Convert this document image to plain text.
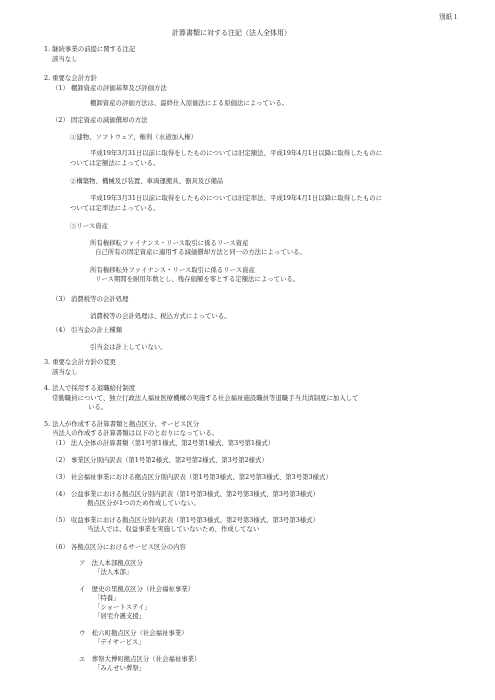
別紙１
計算書類に対する注記（法人全体用）
1. 継続事業の前提に関する注記
該当なし
2. 重要な会計方針
（1） 棚卸資産の評価基準及び評価方法
棚卸資産の評価方法は、最終仕入原価法による原価法によっている。
（2） 固定資産の減価償却の方法
①建物、ソフトウェア、権利（水道加入権）
平成19年3月31日以前に取得をしたものについては旧定額法、平成19年4月1日以降に取得したものに
ついては定額法によっている。
②構築物、機械及び装置、車両運搬具、器具及び備品
平成19年3月31日以前に取得をしたものについては旧定率法、平成19年4月1日以降に取得したものに
ついては定率法によっている。
③リース資産
所有権移転ファイナンス・リース取引に係るリース資産
自己所有の固定資産に適用する減価償却方法と同一の方法によっている。
所有権移転外ファイナンス・リース取引に係るリース資産
リース期間を耐用年数とし、残存価額を零とする定額法によっている。
（3） 消費税等の会計処理
消費税等の会計処理は、税込方式によっている。
（4） 引当金の計上種類
引当金は計上していない。
3. 重要な会計方針の変更
該当なし
4. 法人で採用する退職給付制度
常勤職員について、独立行政法人福祉医療機構の実施する社会福祉施設職員等退職手当共済制度に加入して
いる。
5. 法人が作成する計算書類と拠点区分、サービス区分
当法人の作成する計算書類は以下のとおりになっている。
（1） 法人全体の計算書類（第1号第1様式、第2号第1様式、第3号第1様式）
（2） 事業区分別内訳表（第1号第2様式、第2号第2様式、第3号第2様式）
（3） 社会福祉事業における拠点区分別内訳表（第1号第3様式、第2号第3様式、第3号第3様式）
（4） 公益事業における拠点区分別内訳表（第1号第3様式、第2号第3様式、第3号第3様式）
拠点区分が1つのため作成していない。
（5） 収益事業における拠点区分別内訳表（第1号第3様式、第2号第3様式、第3号第3様式）
当法人では、収益事業を実施していないため、作成してない
（6） 各拠点区分におけるサービス区分の内容
ア　法人本部拠点区分
「法人本部」
イ　歴史の里拠点区分（社会福祉事業）
「特養」
「ショートステイ」
「居宅介護支援」
ウ　松六町拠点区分（社会福祉事業）
「デイサービス」
エ　葬祭大博町拠点区分（社会福祉事業）
「みんせい葬祭」
